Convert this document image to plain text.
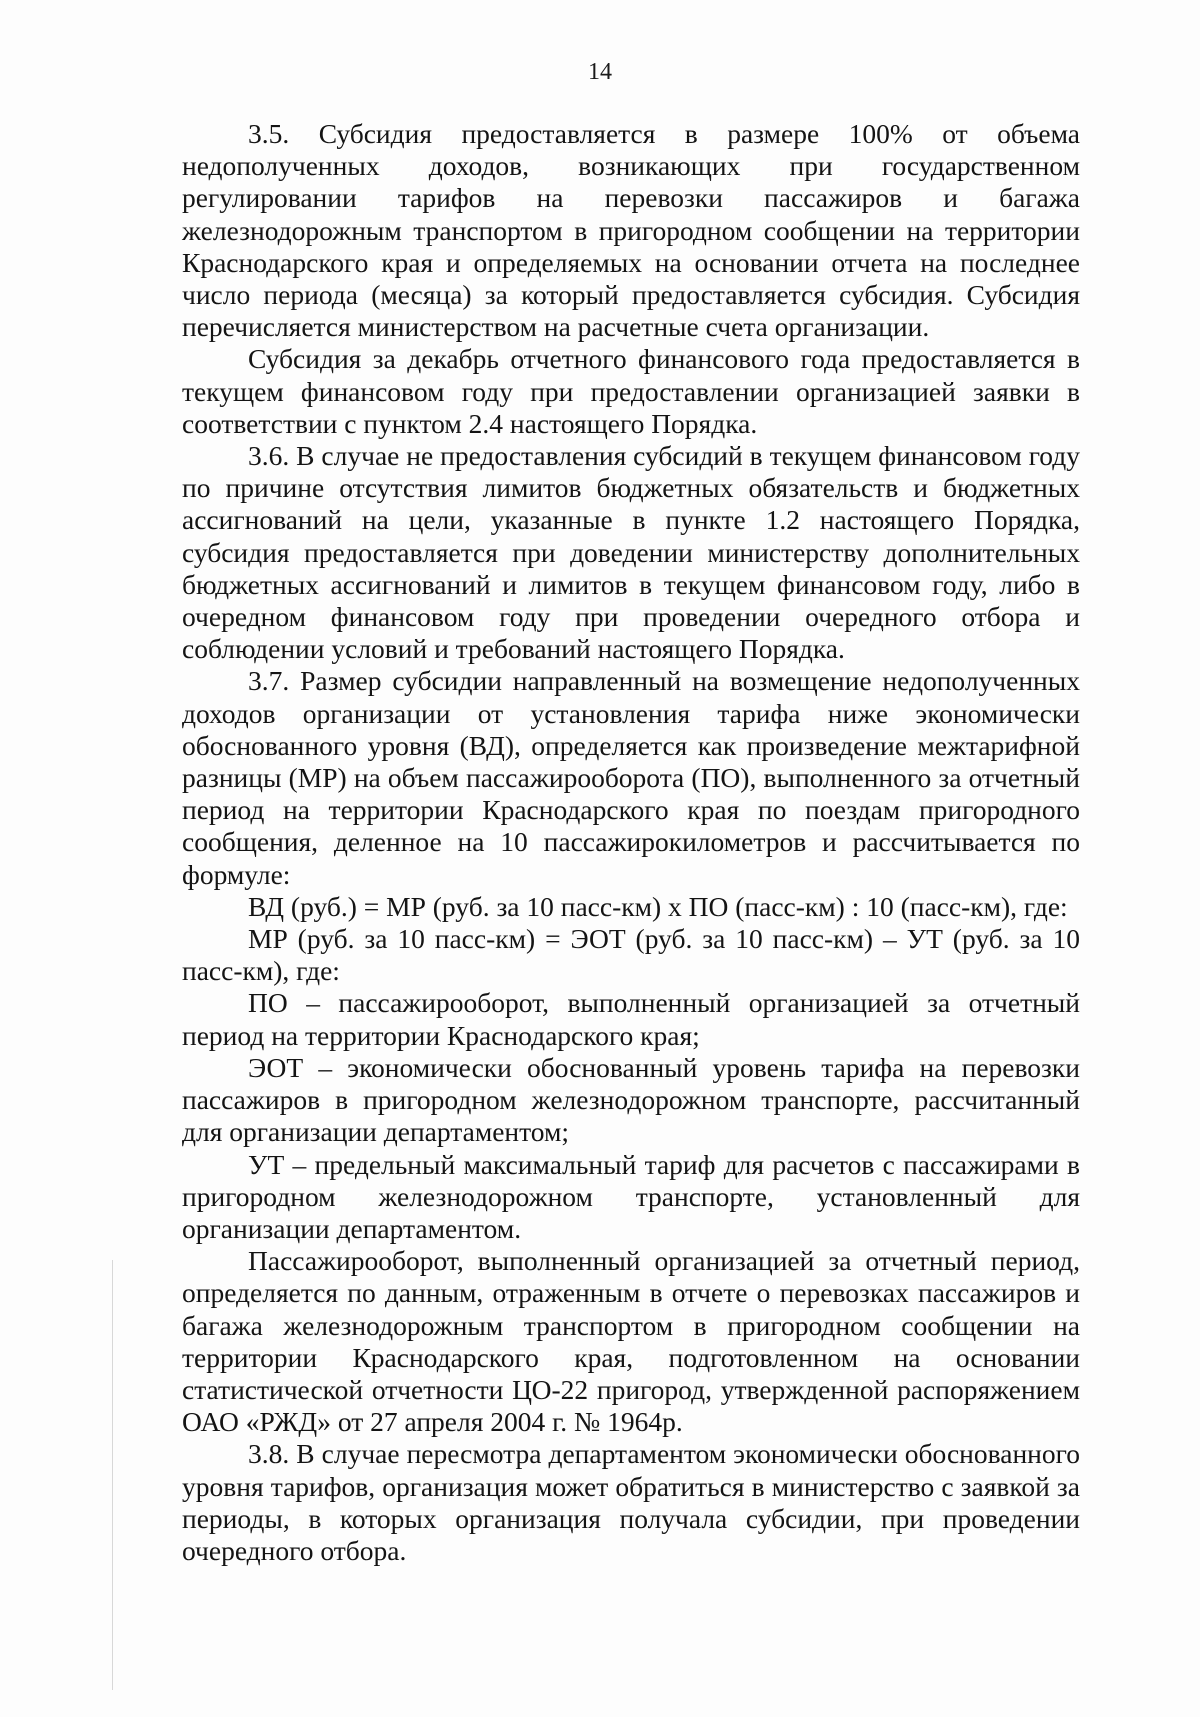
14

3.5. Субсидия предоставляется в размере 100% от объема недополученных доходов, возникающих при государственном регулировании тарифов на перевозки пассажиров и багажа железнодорожным транспортом в пригородном сообщении на территории Краснодарского края и определяемых на основании отчета на последнее число периода (месяца) за который предоставляется субсидия. Субсидия перечисляется министерством на расчетные счета организации.

Субсидия за декабрь отчетного финансового года предоставляется в текущем финансовом году при предоставлении организацией заявки в соответствии с пунктом 2.4 настоящего Порядка.

3.6. В случае не предоставления субсидий в текущем финансовом году по причине отсутствия лимитов бюджетных обязательств и бюджетных ассигнований на цели, указанные в пункте 1.2 настоящего Порядка, субсидия предоставляется при доведении министерству дополнительных бюджетных ассигнований и лимитов в текущем финансовом году, либо в очередном финансовом году при проведении очередного отбора и соблюдении условий и требований настоящего Порядка.

3.7. Размер субсидии направленный на возмещение недополученных доходов организации от установления тарифа ниже экономически обоснованного уровня (ВД), определяется как произведение межтарифной разницы (МР) на объем пассажирооборота (ПО), выполненного за отчетный период на территории Краснодарского края по поездам пригородного сообщения, деленное на 10 пассажирокилометров и рассчитывается по формуле:

ВД (руб.) = МР (руб. за 10 пасс-км) х ПО (пасс-км) : 10 (пасс-км), где:

МР (руб. за 10 пасс-км) = ЭОТ (руб. за 10 пасс-км) – УТ (руб. за 10 пасс-км), где:

ПО – пассажирооборот, выполненный организацией за отчетный период на территории Краснодарского края;

ЭОТ – экономически обоснованный уровень тарифа на перевозки пассажиров в пригородном железнодорожном транспорте, рассчитанный для организации департаментом;

УТ – предельный максимальный тариф для расчетов с пассажирами в пригородном железнодорожном транспорте, установленный для организации департаментом.

Пассажирооборот, выполненный организацией за отчетный период, определяется по данным, отраженным в отчете о перевозках пассажиров и багажа железнодорожным транспортом в пригородном сообщении на территории Краснодарского края, подготовленном на основании статистической отчетности ЦО-22 пригород, утвержденной распоряжением ОАО «РЖД» от 27 апреля 2004 г. № 1964р.

3.8. В случае пересмотра департаментом экономически обоснованного уровня тарифов, организация может обратиться в министерство с заявкой за периоды, в которых организация получала субсидии, при проведении очередного отбора.
